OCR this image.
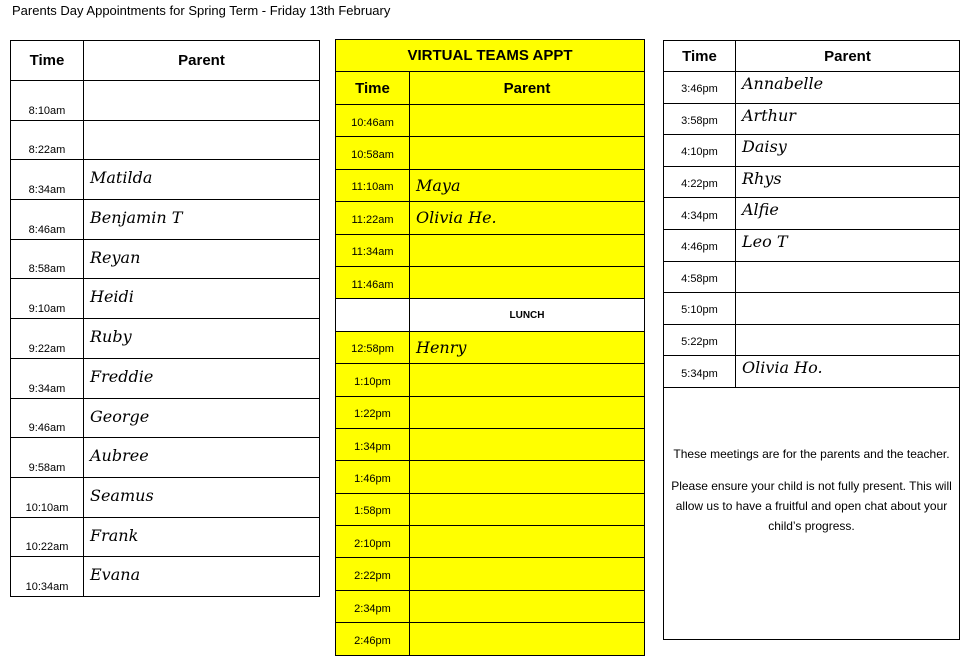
Parents Day Appointments for Spring Term - Friday 13th February
Time	Parent
8:10am	
8:22am	
8:34am	Matilda
8:46am	Benjamin T
8:58am	Reyan
9:10am	Heidi
9:22am	Ruby
9:34am	Freddie
9:46am	George
9:58am	Aubree
10:10am	Seamus
10:22am	Frank
10:34am	Evana
VIRTUAL TEAMS APPT	
Time	Parent
10:46am	
10:58am	
11:10am	Maya
11:22am	Olivia He.
11:34am	
11:46am	
	LUNCH
12:58pm	Henry
1:10pm	
1:22pm	
1:34pm	
1:46pm	
1:58pm	
2:10pm	
2:22pm	
2:34pm	
2:46pm	
Time	Parent
3:46pm	Annabelle
3:58pm	Arthur
4:10pm	Daisy
4:22pm	Rhys
4:34pm	Alfie
4:46pm	Leo T
4:58pm	
5:10pm	
5:22pm	
5:34pm	Olivia Ho.

These meetings are for the parents and the teacher.

Please ensure your child is not fully present. This will allow us to have a fruitful and open chat about your child’s progress.	
